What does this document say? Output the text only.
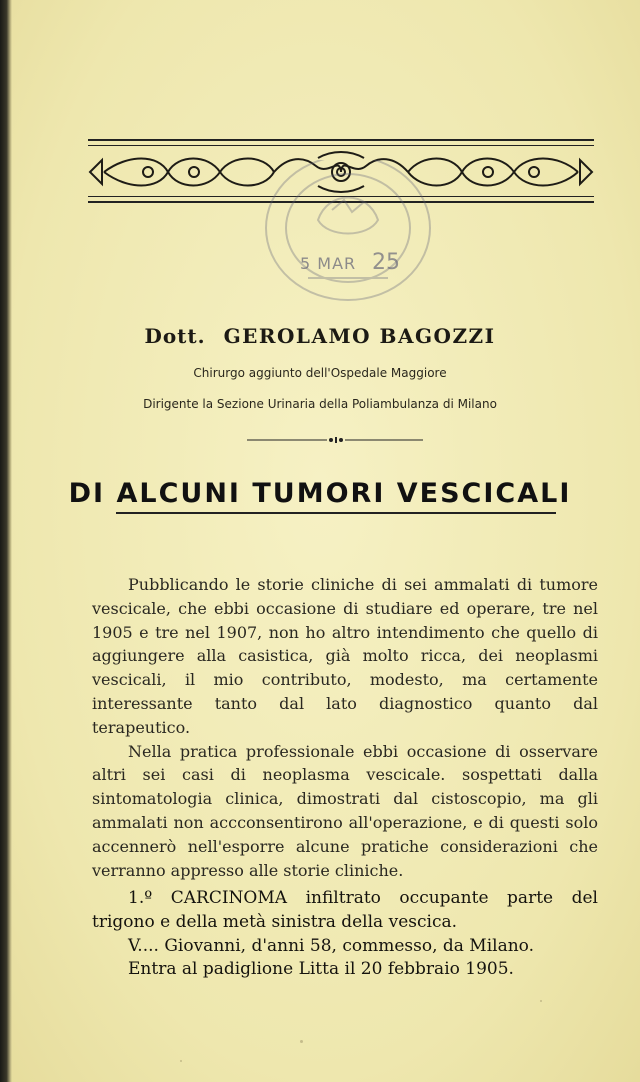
5 MAR 25
Dott. GEROLAMO BAGOZZI
Chirurgo aggiunto dell'Ospedale Maggiore
Dirigente la Sezione Urinaria della Poliambulanza di Milano
DI ALCUNI TUMORI VESCICALI

Pubblicando le storie cliniche di sei ammalati di tumore vescicale, che ebbi occasione di studiare ed operare, tre nel 1905 e tre nel 1907, non ho altro intendimento che quello di aggiungere alla casistica, già molto ricca, dei neoplasmi vescicali, il mio contributo, modesto, ma certamente interessante tanto dal lato diagnostico quanto dal terapeutico.

Nella pratica professionale ebbi occasione di osservare altri sei casi di neoplasma vescicale. sospettati dalla sintomatologia clinica, dimostrati dal cistoscopio, ma gli ammalati non accconsentirono all'operazione, e di questi solo accennerò nell'esporre alcune pratiche considerazioni che verranno appresso alle storie cliniche.

1.º CARCINOMA infiltrato occupante parte del trigono e della metà sinistra della vescica.

V.... Giovanni, d'anni 58, commesso, da Milano.

Entra al padiglione Litta il 20 febbraio 1905.
